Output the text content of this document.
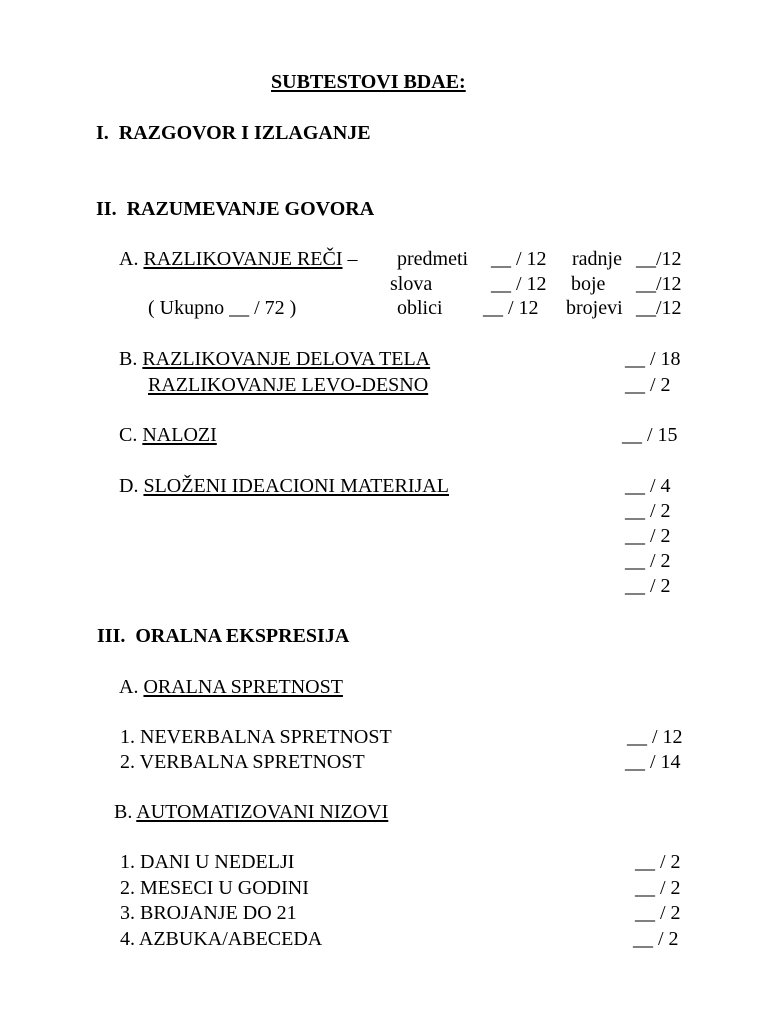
SUBTESTOVI BDAE:
I.  RAZGOVOR I IZLAGANJE
II.  RAZUMEVANJE GOVORA
A. RAZLIKOVANJE REČI – predmeti __ / 12 radnje __/12
slova	__ / 12 boje __/12
( Ukupno __ / 72 )	oblici __ / 12 brojevi __/12
B. RAZLIKOVANJE DELOVA TELA	__ / 18
RAZLIKOVANJE LEVO-DESNO	__ / 2
C. NALOZI	__ / 15
D. SLOŽENI IDEACIONI MATERIJAL	__ / 4
__ / 2
__ / 2
__ / 2
__ / 2
III.  ORALNA EKSPRESIJA
A. ORALNA SPRETNOST
1. NEVERBALNA SPRETNOST	__ / 12
2. VERBALNA SPRETNOST	__ / 14
B. AUTOMATIZOVANI NIZOVI
1. DANI U NEDELJI	__ / 2
2. MESECI U GODINI	__ / 2
3. BROJANJE DO 21	__ / 2
4. AZBUKA/ABECEDA	__ / 2
